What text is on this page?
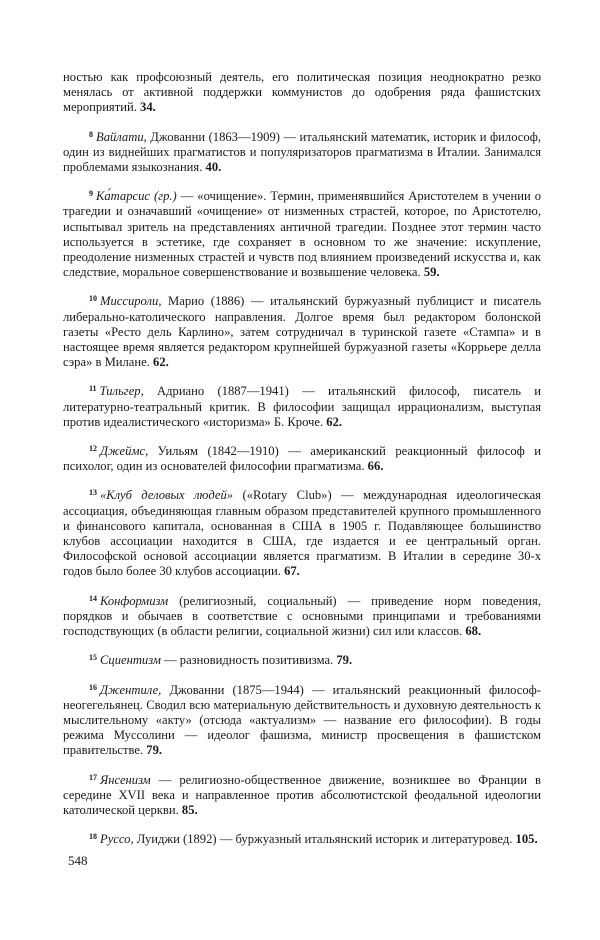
ностью как профсоюзный деятель, его политическая позиция неоднократно резко менялась от активной поддержки коммунистов до одобрения ряда фашистских мероприятий. 34.

$^8$ Вайлати, Джованни (1863—1909) — итальянский математик, историк и философ, один из виднейших прагматистов и популяризаторов прагматизма в Италии. Занимался проблемами языкознания. 40.

$^9$ Ка́тарсис (гр.) — «очищение». Термин, применявшийся Аристотелем в учении о трагедии и означавший «очищение» от низменных страстей, которое, по Аристотелю, испытывал зритель на представлениях античной трагедии. Позднее этот термин часто используется в эстетике, где сохраняет в основном то же значение: искупление, преодоление низменных страстей и чувств под влиянием произведений искусства и, как следствие, моральное совершенствование и возвышение человека. 59.

$^{10}$ Миссироли, Марио (1886) — итальянский буржуазный публицист и писатель либерально-католического направления. Долгое время был редактором болонской газеты «Ресто дель Карлино», затем сотрудничал в туринской газете «Стампа» и в настоящее время является редактором крупнейшей буржуазной газеты «Коррьере делла сэра» в Милане. 62.

$^{11}$ Тильгер, Адриано (1887—1941) — итальянский философ, писатель и литературно-театральный критик. В философии защищал иррационализм, выступая против идеалистического «историзма» Б. Кроче. 62.

$^{12}$ Джеймс, Уильям (1842—1910) — американский реакционный философ и психолог, один из основателей философии прагматизма. 66.

$^{13}$ «Клуб деловых людей» («Rotary Club») — международная идеологическая ассоциация, объединяющая главным образом представителей крупного промышленного и финансового капитала, основанная в США в 1905 г. Подавляющее большинство клубов ассоциации находится в США, где издается и ее центральный орган. Философской основой ассоциации является прагматизм. В Италии в середине 30-х годов было более 30 клубов ассоциации. 67.

$^{14}$ Конформизм (религиозный, социальный) — приведение норм поведения, порядков и обычаев в соответствие с основными принципами и требованиями господствующих (в области религии, социальной жизни) сил или классов. 68.

$^{15}$ Сциентизм — разновидность позитивизма. 79.

$^{16}$ Джентиле, Джованни (1875—1944) — итальянский реакционный философ-неогегельянец. Сводил всю материальную действительность и духовную деятельность к мыслительному «акту» (отсюда «актуализм» — название его философии). В годы режима Муссолини — идеолог фашизма, министр просвещения в фашистском правительстве. 79.

$^{17}$ Янсенизм — религиозно-общественное движение, возникшее во Франции в середине XVII века и направленное против абсолютистской феодальной идеологии католической церкви. 85.

$^{18}$ Руссо, Луиджи (1892) — буржуазный итальянский историк и литературовед. 105.

548
